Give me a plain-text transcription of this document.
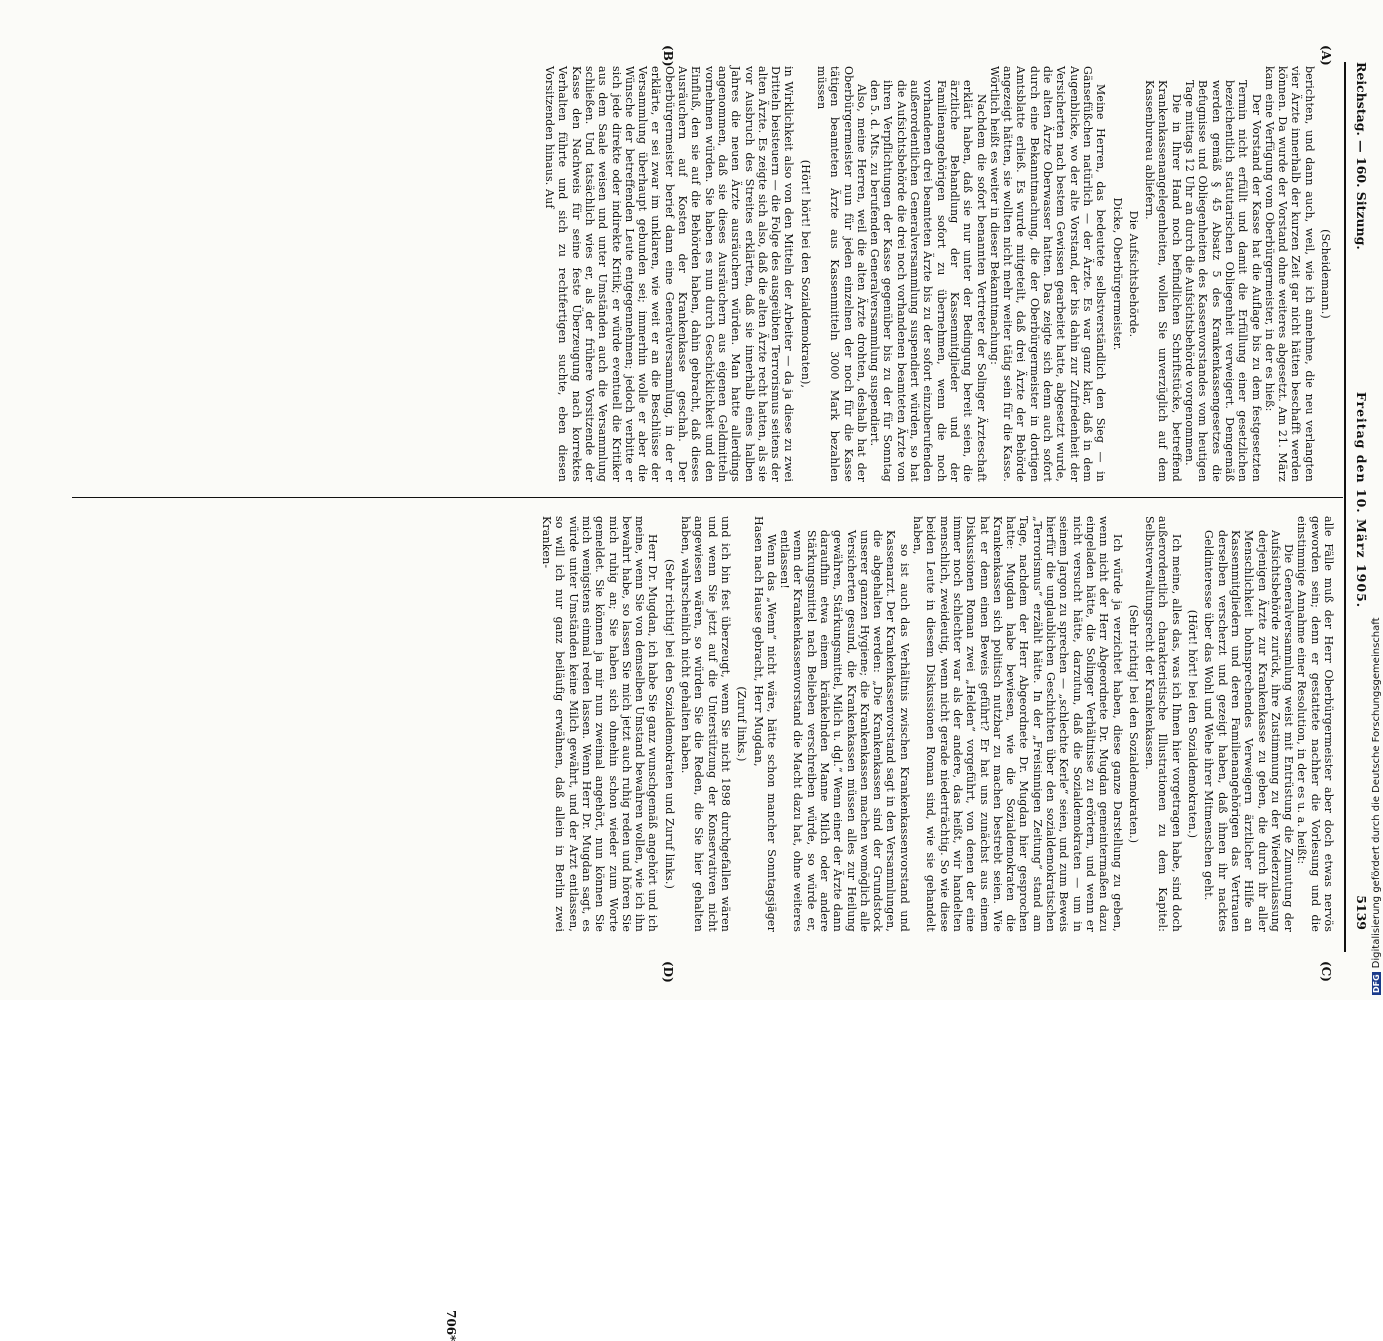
Reichstag. — 160. Sitzung.
Freitag den 10. März 1905.
5139
(A)
(B)
(C)
(D)

(Scheidemann.)

berichten, und dann auch, weil, wie ich annehme, die neu verlangten vier Ärzte innerhalb der kurzen Zeit gar nicht hätten beschafft werden können. Da wurde der Vorstand ohne weiteres abgesetzt. Am 21. März kam eine Verfügung vom Oberbürgermeister, in der es hieß:

Der Vorstand der Kasse hat die Auflage bis zu dem festgesetzten Termin nicht erfüllt und damit die Erfüllung einer gesetzlichen bezeichentlich statutarischen Obliegenheit verweigert. Demgemäß werden gemäß § 45 Absatz 5 des Krankenkassengesetzes die Befugnisse und Obliegenheiten des Kassenvorstandes vom heutigen Tage mittags 12 Uhr an durch die Aufsichtsbehörde vorgenommen.

Die in Ihrer Hand noch befindlichen Schriftstücke, betreffend Krankenkassenangelegenheiten, wollen Sie unverzüglich auf dem Kassenbureau abliefern.

Die Aufsichtsbehörde.

Dicke, Oberbürgermeister.

Meine Herren, das bedeutete selbstverständlich den Sieg — in Gänsefüßchen natürlich — der Ärzte. Es war ganz klar, daß in dem Augenblicke, wo der alte Vorstand, der bis dahin zur Zufriedenheit der Versicherten nach bestem Gewissen gearbeitet hatte, abgesetzt wurde, die alten Ärzte Oberwasser hatten. Das zeigte sich denn auch sofort durch eine Bekanntmachung, die der Oberbürgermeister in dortigen Amtsblatte erließ. Es wurde mitgeteilt, daß drei Ärzte der Behörde angezeigt hätten, sie wollten nicht mehr weiter tätig sein für die Kasse. Wörtlich heißt es weiter in dieser Bekanntmachung:

Nachdem die sofort benannten Vertreter der Solinger Ärzteschaft erklärt haben, daß sie nur unter der Bedingung bereit seien, die ärztliche Behandlung der Kassenmitglieder und der Familienangehörigen sofort zu übernehmen, wenn die noch vorhandenen drei beamteten Ärzte bis zu der sofort einzuberufenden außerordentlichen Generalversammlung suspendiert würden, so hat die Aufsichtsbehörde die drei noch vorhandenen beamteten Ärzte von ihren Verpflichtungen der Kasse gegenüber bis zu der für Sonntag den 5. d. Mts. zu berufenden Generalversammlung suspendiert.

Also, meine Herren, weil die alten Ärzte drohten, deshalb hat der Oberbürgermeister nun für jeden einzelnen der noch für die Kasse tätigen beamteten Ärzte aus Kassenmitteln 3000 Mark bezahlen müssen

(Hört! hört! bei den Sozialdemokraten),

in Wirklichkeit also von den Mitteln der Arbeiter — da ja diese zu zwei Dritteln beisteuern — die Folge des ausgeübten Terrorismus seitens der alten Ärzte. Es zeigte sich also, daß die alten Ärzte recht hatten, als sie vor Ausbruch des Streites erklärten, daß sie innerhalb eines halben Jahres die neuen Ärzte ausräuchern würden. Man hatte allerdings angenommen, daß sie dieses Ausräuchern aus eigenen Geldmitteln vornehmen würden. Sie haben es nun durch Geschicklichkeit und den Einfluß, den sie auf die Behörden haben, dahin gebracht, daß dieses Ausräuchern auf Kosten der Krankenkasse geschah. Der Oberbürgermeister berief dann eine Generalversammlung, in der er erklärte, er sei zwar im unklaren, wie weit er an die Beschlüsse der Versammlung überhaupt gebunden sei; immerhin wolle er aber die Wünsche der betreffenden Leute entgegennehmen; jedoch verbitte er sich jede direkte oder indirekte Kritik; er würde eventuell die Kritiker aus dem Saale weisen und unter Umständen auch die Versammlung schließen. Und tatsächlich wies er, als der frühere Vorsitzende der Kasse den Nachweis für seine feste Überzeugung nach korrektes Verhalten führte und sich zu rechtfertigen suchte, eben diesen Vorsitzenden hinaus. Auf

alle Fälle muß der Herr Oberbürgermeister aber doch etwas nervös geworden sein; denn er gestattete nachher die Vorlesung und die einstimmige Annahme einer Resolution, in der es u. a. heißt:

Die Generalversammlung weist mit Entrüstung die Zumutung der Aufsichtsbehörde zurück, ihre Zustimmung zu der Wiederzulassung derjenigen Ärzte zur Krankenkasse zu geben, die durch ihr aller Menschlichkeit hohnsprechendes Verweigern ärztlicher Hilfe an Kassenmitgliedern und deren Familienangehörigen das Vertrauen derselben verscherzt und gezeigt haben, daß ihnen ihr nacktes Geldinteresse über das Wohl und Wehe ihrer Mitmenschen geht.

(Hört! hört! bei den Sozialdemokraten.)

Ich meine, alles das, was ich Ihnen hier vorgetragen habe, sind doch außerordentlich charakteristische Illustrationen zu dem Kapitel: Selbstverwaltungsrecht der Krankenkassen.

(Sehr richtig! bei den Sozialdemokraten.)

Ich würde ja verzichtet haben, diese ganze Darstellung zu geben, wenn nicht der Herr Abgeordnete Dr. Mugdan gemeintermaßen dazu eingeladen hätte, die Solinger Verhältnisse zu erörtern, und wenn er nicht versucht hätte, darzutun, daß die Sozialdemokraten — um in seinem Jargon zu sprechen — „schlechte Kerle“ seien, und zum Beweis hierfür die unglaublichen Geschichten über den sozialdemokratischen „Terrorismus“ erzählt hätte. In der „Freisinnigen Zeitung“ stand am Tage, nachdem der Herr Abgeordnete Dr. Mugdan hier gesprochen hatte: Mugdan habe bewiesen, wie die Sozialdemokraten die Krankenkassen sich politisch nutzbar zu machen bestrebt seien. Wie hat er denn einen Beweis geführt? Er hat uns zunächst aus einem Diskussionen Roman zwei „Helden“ vorgeführt, von denen der eine immer noch schlechter war als der andere, das heißt, wir handelten menschlich, zweideutig, wenn nicht gerade niederträchtig. So wie diese beiden Leute in diesem Diskussionen Roman sind, wie sie gehandelt haben,

so ist auch das Verhältnis zwischen Krankenkassenvorstand und Kassenarzt. Der Krankenkassenvorstand sagt in den Versammlungen, die abgehalten werden: „Die Krankenkassen sind der Grundstock unserer ganzen Hygiene; die Krankenkassen machen womöglich alle Versicherten gesund, die Krankenkassen müssen alles zur Heilung gewähren, Stärkungsmittel, Milch u. dgl.“ Wenn einer der Ärzte dann daraufhin etwa einem kränkelnden Manne Milch oder andere Stärkungsmittel nach Belieben verschreiben würde, so würde er, wenn der Krankenkassenvorstand die Macht dazu hat, ohne weiteres entlassen!

Wenn das „Wenn“ nicht wäre, hätte schon mancher Sonntagsjäger Hasen nach Hause gebracht, Herr Mugdan,

(Zuruf links.)

und ich bin fest überzeugt, wenn Sie nicht 1898 durchgefallen wären und wenn Sie jetzt auf die Unterstützung der Konservativen nicht angewiesen wären, so würden Sie die Reden, die Sie hier gehalten haben, wahrscheinlich nicht gehalten haben.

(Sehr richtig! bei den Sozialdemokraten und Zuruf links.)

Herr Dr. Mugdan, ich habe Sie ganz wunschgemäß angehört und ich meine, wenn Sie von demselben Umstand bewahren wollen, wie ich ihn bewahrt habe, so lassen Sie mich jetzt auch ruhig reden und hören Sie mich ruhig an; Sie haben sich ohnehin schon wieder zum Worte gemeldet. Sie können ja mir nun zweimal angehört, nun können Sie mich wenigstens einmal reden lassen. Wenn Herr Dr. Mugdan sagt, es würde unter Umständen keine Milch gewährt, und der Arzt entlassen, so will ich nur ganz beiläufig erwähnen, daß allein in Berlin zwei Kranken-

706*
DFGDigitalisierung gefördert durch die Deutsche Forschungsgemeinschaft
